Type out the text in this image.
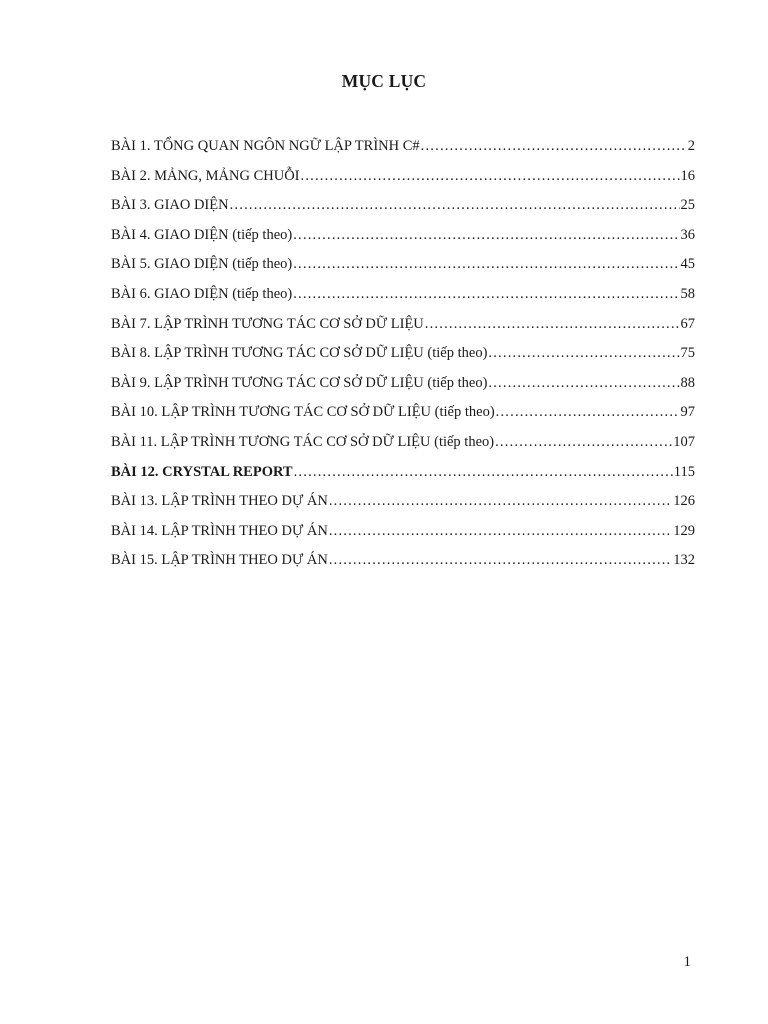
MỤC LỤC
BÀI 1. TỔNG QUAN NGÔN NGỮ LẬP TRÌNH C# .....	2
BÀI 2. MẢNG, MẢNG CHUỖI .....	16
BÀI 3. GIAO DIỆN .....	25
BÀI 4. GIAO DIỆN (tiếp theo) .....	36
BÀI 5. GIAO DIỆN (tiếp theo) .....	45
BÀI 6. GIAO DIỆN (tiếp theo) .....	58
BÀI 7. LẬP TRÌNH TƯƠNG TÁC CƠ SỞ DỮ LIỆU .....	67
BÀI 8. LẬP TRÌNH TƯƠNG TÁC CƠ SỞ DỮ LIỆU (tiếp theo) .....	75
BÀI 9. LẬP TRÌNH TƯƠNG TÁC CƠ SỞ DỮ LIỆU (tiếp theo) .....	88
BÀI 10. LẬP TRÌNH TƯƠNG TÁC CƠ SỞ DỮ LIỆU (tiếp theo) .....	97
BÀI 11. LẬP TRÌNH TƯƠNG TÁC CƠ SỞ DỮ LIỆU (tiếp theo) .....	107
BÀI 12. CRYSTAL REPORT .....	115
BÀI 13. LẬP TRÌNH THEO DỰ ÁN .....	126
BÀI 14. LẬP TRÌNH THEO DỰ ÁN .....	129
BÀI 15. LẬP TRÌNH THEO DỰ ÁN .....	132
1
